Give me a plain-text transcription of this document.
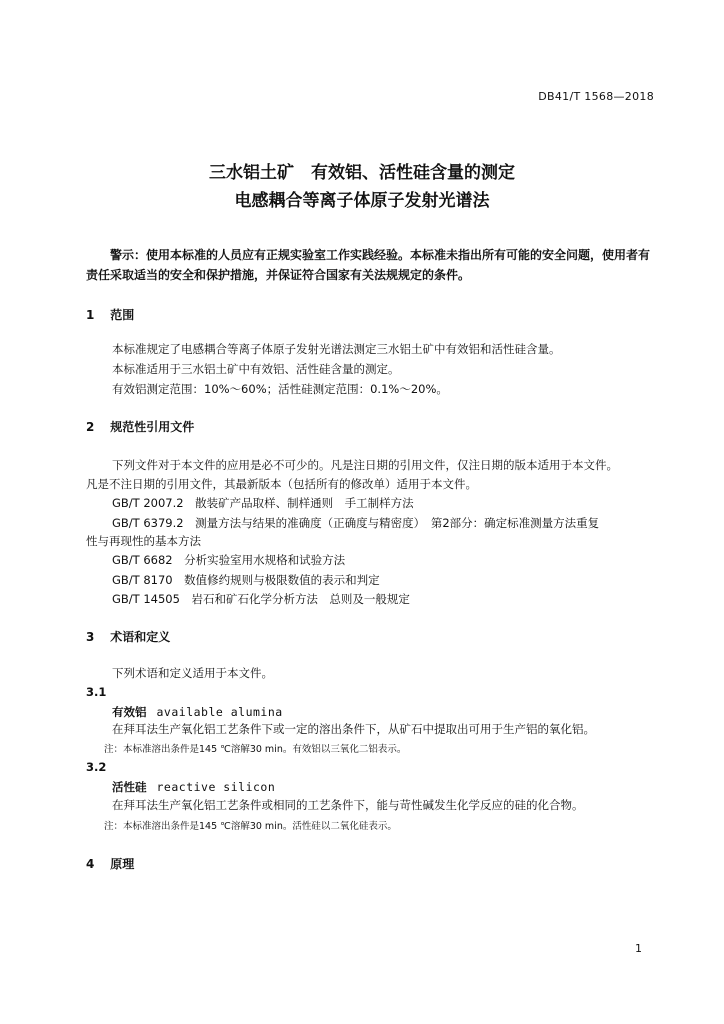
DB41/T 1568—2018
三水铝土矿　有效铝、活性硅含量的测定
电感耦合等离子体原子发射光谱法
警示：使用本标准的人员应有正规实验室工作实践经验。本标准未指出所有可能的安全问题，使用者有责任采取适当的安全和保护措施，并保证符合国家有关法规规定的条件。
1 范围
本标准规定了电感耦合等离子体原子发射光谱法测定三水铝土矿中有效铝和活性硅含量。
本标准适用于三水铝土矿中有效铝、活性硅含量的测定。
有效铝测定范围：10%～60%；活性硅测定范围：0.1%～20%。
2 规范性引用文件
下列文件对于本文件的应用是必不可少的。凡是注日期的引用文件，仅注日期的版本适用于本文件。
凡是不注日期的引用文件，其最新版本（包括所有的修改单）适用于本文件。
GB/T 2007.2　散装矿产品取样、制样通则　手工制样方法
GB/T 6379.2　测量方法与结果的准确度（正确度与精密度）　第2部分：确定标准测量方法重复
性与再现性的基本方法
GB/T 6682　分析实验室用水规格和试验方法
GB/T 8170　数值修约规则与极限数值的表示和判定
GB/T 14505　岩石和矿石化学分析方法　总则及一般规定
3 术语和定义
下列术语和定义适用于本文件。
3.1
有效铝 available alumina
在拜耳法生产氧化铝工艺条件下或一定的溶出条件下，从矿石中提取出可用于生产铝的氧化铝。
注：本标准溶出条件是145 ℃溶解30 min。有效铝以三氧化二铝表示。
3.2
活性硅 reactive silicon
在拜耳法生产氧化铝工艺条件或相同的工艺条件下，能与苛性碱发生化学反应的硅的化合物。
注：本标准溶出条件是145 ℃溶解30 min。活性硅以二氧化硅表示。
4 原理
1
